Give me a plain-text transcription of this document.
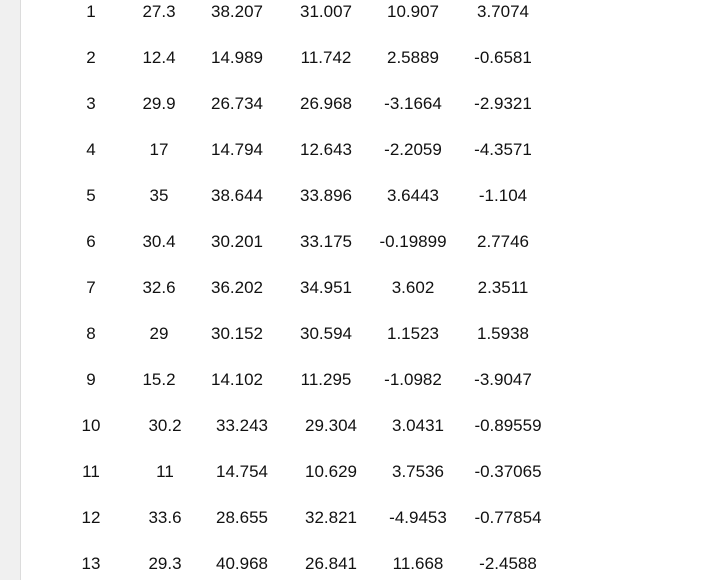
1	27.3 38.207 31.007 10.907 3.7074
2	12.4 14.989 11.742 2.5889 -0.6581
3	29.9 26.734 26.968 -3.1664 -2.9321
4	17	14.794 12.643 -2.2059 -4.3571
5	35	38.644 33.896 3.6443 -1.104
6	30.4 30.201 33.175 -0.19899 2.7746
7	32.6 36.202 34.951 3.602	2.3511
8	29	30.152 30.594 1.1523 1.5938
9	15.2 14.102 11.295 -1.0982 -3.9047
10	30.2 33.243 29.304 3.0431 -0.89559
11	11 14.754 10.629 3.7536 -0.37065
12	33.6 28.655 32.821 -4.9453 -0.77854
13	29.3 40.968 26.841 11.668 -2.4588
